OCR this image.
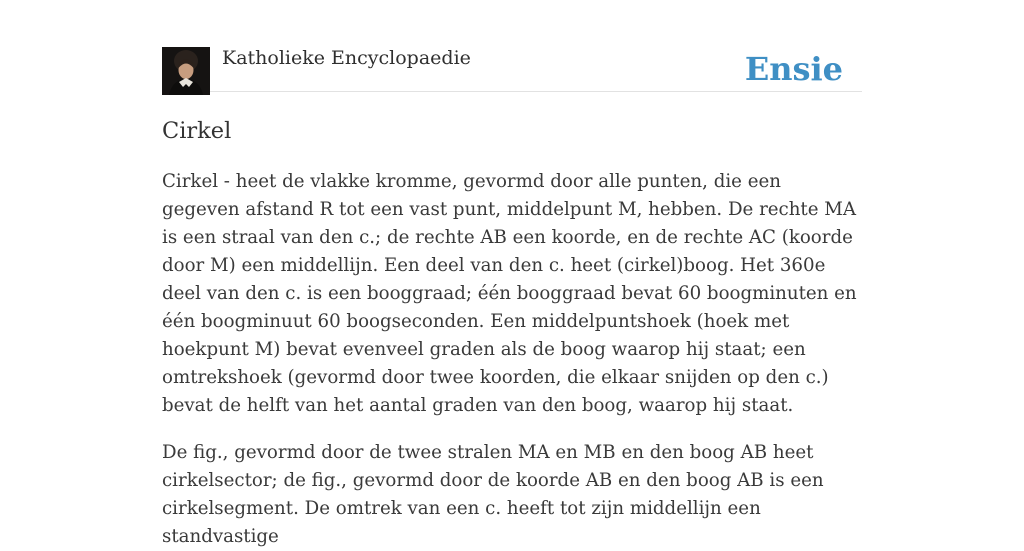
Katholieke Encyclopaedie	Ensie
Cirkel

Cirkel - heet de vlakke kromme, gevormd door alle punten, die een gegeven afstand R tot een vast punt, middelpunt M, hebben. De rechte MA is een straal van den c.; de rechte AB een koorde, en de rechte AC (koorde door M) een middellijn. Een deel van den c. heet (cirkel)boog. Het 360e deel van den c. is een booggraad; één booggraad bevat 60 boogminuten en één boogminuut 60 boogseconden. Een middelpuntshoek (hoek met hoekpunt M) bevat evenveel graden als de boog waarop hij staat; een omtrekshoek (gevormd door twee koorden, die elkaar snijden op den c.) bevat de helft van het aantal graden van den boog, waarop hij staat.

De fig., gevormd door de twee stralen MA en MB en den boog AB heet cirkelsector; de fig., gevormd door de koorde AB en den boog AB is een cirkelsegment. De omtrek van een c. heeft tot zijn middellijn een standvastige
